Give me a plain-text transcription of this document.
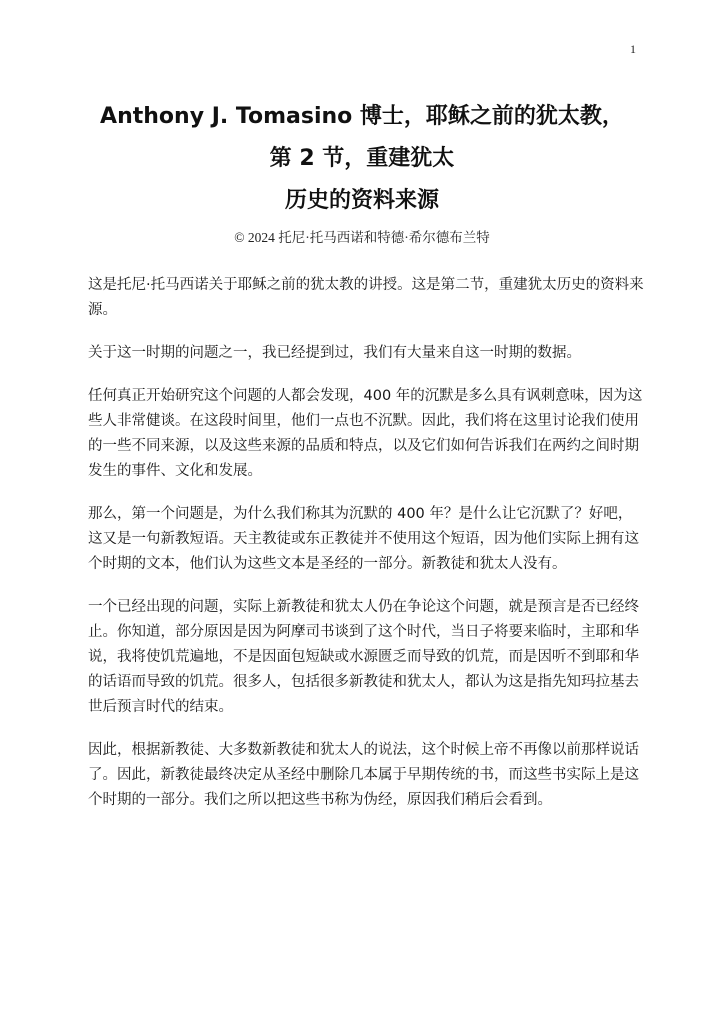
1
Anthony J. Tomasino 博士，耶稣之前的犹太教，
第 2 节，重建犹太
历史的资料来源
© 2024 托尼·托马西诺和特德·希尔德布兰特

这是托尼·托马西诺关于耶稣之前的犹太教的讲授。这是第二节，重建犹太历史的资料来源。

关于这一时期的问题之一，我已经提到过，我们有大量来自这一时期的数据。

任何真正开始研究这个问题的人都会发现，400 年的沉默是多么具有讽刺意味，因为这些人非常健谈。在这段时间里，他们一点也不沉默。因此，我们将在这里讨论我们使用的一些不同来源，以及这些来源的品质和特点，以及它们如何告诉我们在两约之间时期发生的事件、文化和发展。

那么，第一个问题是，为什么我们称其为沉默的 400 年？是什么让它沉默了？好吧，这又是一句新教短语。天主教徒或东正教徒并不使用这个短语，因为他们实际上拥有这个时期的文本，他们认为这些文本是圣经的一部分。新教徒和犹太人没有。

一个已经出现的问题，实际上新教徒和犹太人仍在争论这个问题，就是预言是否已经终止。你知道，部分原因是因为阿摩司书谈到了这个时代，当日子将要来临时，主耶和华说，我将使饥荒遍地，不是因面包短缺或水源匮乏而导致的饥荒，而是因听不到耶和华的话语而导致的饥荒。很多人，包括很多新教徒和犹太人，都认为这是指先知玛拉基去世后预言时代的结束。

因此，根据新教徒、大多数新教徒和犹太人的说法，这个时候上帝不再像以前那样说话了。因此，新教徒最终决定从圣经中删除几本属于早期传统的书，而这些书实际上是这个时期的一部分。我们之所以把这些书称为伪经，原因我们稍后会看到。
